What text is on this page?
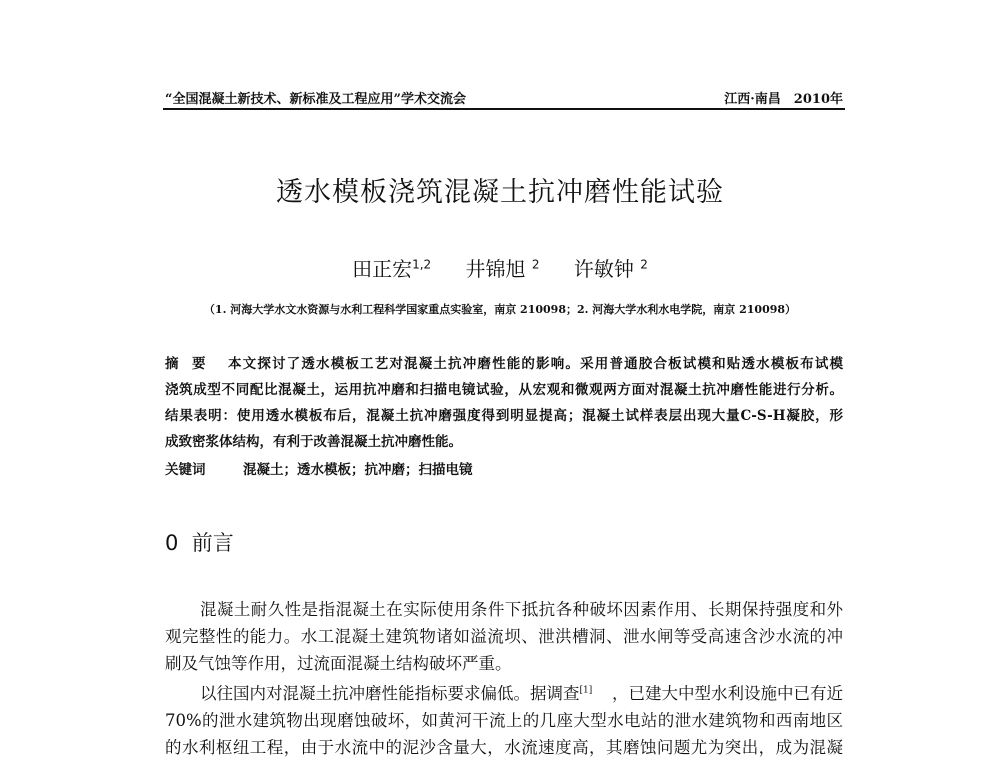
“全国混凝土新技术、新标准及工程应用”学术交流会	江西·南昌　2010年
透水模板浇筑混凝土抗冲磨性能试验
田正宏$^{1,2}$ 井锦旭 $^2$ 许敏钟 $^2$
（1. 河海大学水文水资源与水利工程科学国家重点实验室，南京 210098；2. 河海大学水利水电学院，南京 210098）
摘　要 本文探讨了透水模板工艺对混凝土抗冲磨性能的影响。采用普通胶合板试模和贴透水模板布试模
浇筑成型不同配比混凝土，运用抗冲磨和扫描电镜试验，从宏观和微观两方面对混凝土抗冲磨性能进行分析。
结果表明：使用透水模板布后，混凝土抗冲磨强度得到明显提高；混凝土试样表层出现大量C-S-H凝胶，形
成致密浆体结构，有利于改善混凝土抗冲磨性能。
关键词	混凝土；透水模板；抗冲磨；扫描电镜
0 前言
混凝土耐久性是指混凝土在实际使用条件下抵抗各种破坏因素作用、长期保持强度和外
观完整性的能力。水工混凝土建筑物诸如溢流坝、泄洪槽洞、泄水闸等受高速含沙水流的冲
刷及气蚀等作用，过流面混凝土结构破坏严重。
以往国内对混凝土抗冲磨性能指标要求偏低。据调查[1] ，已建大中型水利设施中已有近
70%的泄水建筑物出现磨蚀破坏，如黄河干流上的几座大型水电站的泄水建筑物和西南地区
的水利枢纽工程，由于水流中的泥沙含量大，水流速度高，其磨蚀问题尤为突出，成为混凝
